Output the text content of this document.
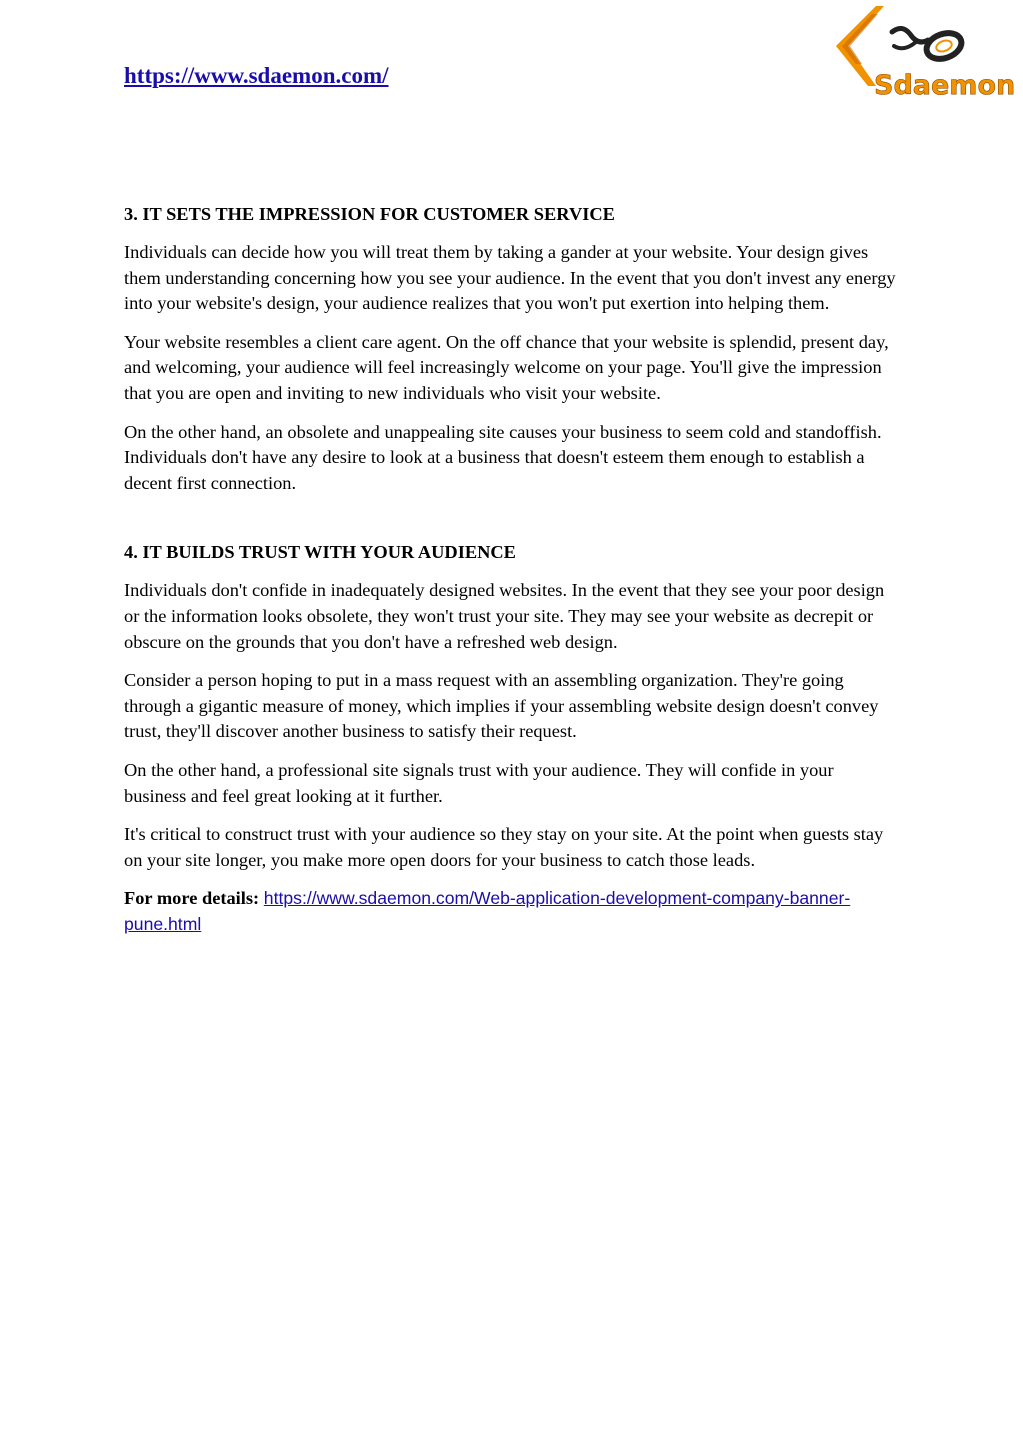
https://www.sdaemon.com/	Sdaemon
3. IT SETS THE IMPRESSION FOR CUSTOMER SERVICE

Individuals can decide how you will treat them by taking a gander at your website. Your design gives them understanding concerning how you see your audience. In the event that you don't invest any energy into your website's design, your audience realizes that you won't put exertion into helping them.

Your website resembles a client care agent. On the off chance that your website is splendid, present day, and welcoming, your audience will feel increasingly welcome on your page. You'll give the impression that you are open and inviting to new individuals who visit your website.

On the other hand, an obsolete and unappealing site causes your business to seem cold and standoffish. Individuals don't have any desire to look at a business that doesn't esteem them enough to establish a decent first connection.

4. IT BUILDS TRUST WITH YOUR AUDIENCE

Individuals don't confide in inadequately designed websites. In the event that they see your poor design or the information looks obsolete, they won't trust your site. They may see your website as decrepit or obscure on the grounds that you don't have a refreshed web design.

Consider a person hoping to put in a mass request with an assembling organization. They're going through a gigantic measure of money, which implies if your assembling website design doesn't convey trust, they'll discover another business to satisfy their request.

On the other hand, a professional site signals trust with your audience. They will confide in your business and feel great looking at it further.

It's critical to construct trust with your audience so they stay on your site. At the point when guests stay on your site longer, you make more open doors for your business to catch those leads.

For more details: https://www.sdaemon.com/Web-application-development-company-banner-pune.html
